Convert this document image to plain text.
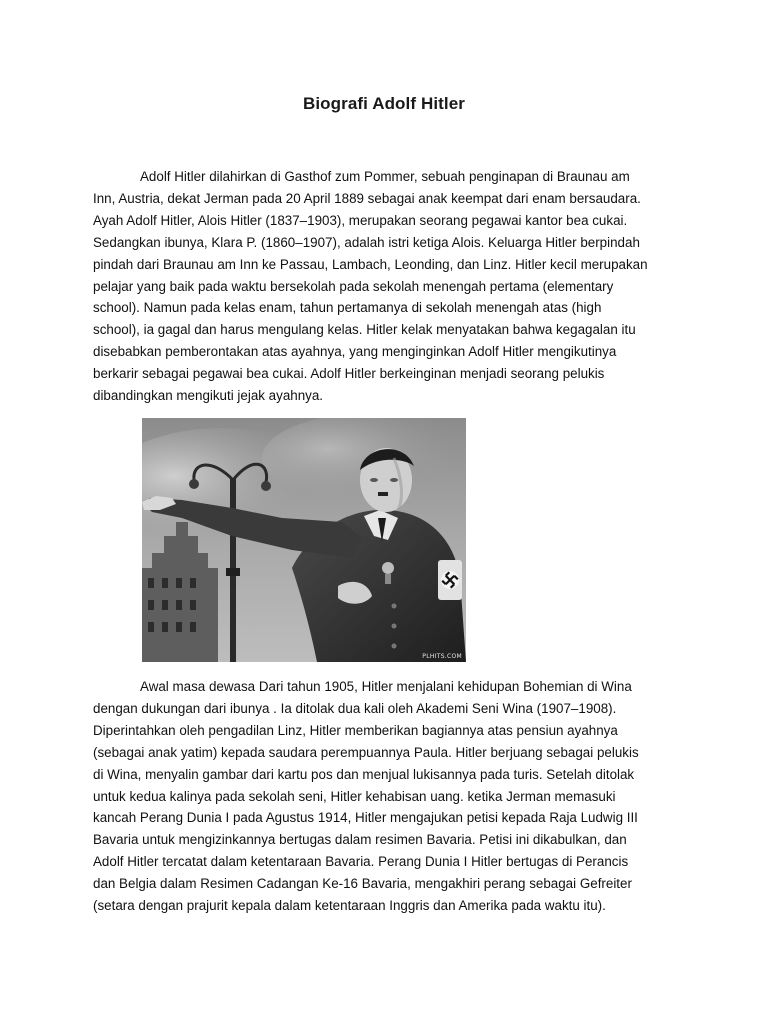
Biografi Adolf Hitler
Adolf Hitler dilahirkan di Gasthof zum Pommer, sebuah penginapan di Braunau am
Inn, Austria, dekat Jerman pada 20 April 1889 sebagai anak keempat dari enam bersaudara.
Ayah Adolf Hitler, Alois Hitler (1837–1903), merupakan seorang pegawai kantor bea cukai.
Sedangkan ibunya, Klara P. (1860–1907), adalah istri ketiga Alois. Keluarga Hitler berpindah
pindah dari Braunau am Inn ke Passau, Lambach, Leonding, dan Linz. Hitler kecil merupakan
pelajar yang baik pada waktu bersekolah pada sekolah menengah pertama (elementary
school). Namun pada kelas enam, tahun pertamanya di sekolah menengah atas (high
school), ia gagal dan harus mengulang kelas. Hitler kelak menyatakan bahwa kegagalan itu
disebabkan pemberontakan atas ayahnya, yang menginginkan Adolf Hitler mengikutinya
berkarir sebagai pegawai bea cukai. Adolf Hitler berkeinginan menjadi seorang pelukis
dibandingkan mengikuti jejak ayahnya.
PLHITS.COM
Awal masa dewasa Dari tahun 1905, Hitler menjalani kehidupan Bohemian di Wina
dengan dukungan dari ibunya . Ia ditolak dua kali oleh Akademi Seni Wina (1907–1908).
Diperintahkan oleh pengadilan Linz, Hitler memberikan bagiannya atas pensiun ayahnya
(sebagai anak yatim) kepada saudara perempuannya Paula. Hitler berjuang sebagai pelukis
di Wina, menyalin gambar dari kartu pos dan menjual lukisannya pada turis. Setelah ditolak
untuk kedua kalinya pada sekolah seni, Hitler kehabisan uang. ketika Jerman memasuki
kancah Perang Dunia I pada Agustus 1914, Hitler mengajukan petisi kepada Raja Ludwig III
Bavaria untuk mengizinkannya bertugas dalam resimen Bavaria. Petisi ini dikabulkan, dan
Adolf Hitler tercatat dalam ketentaraan Bavaria. Perang Dunia I Hitler bertugas di Perancis
dan Belgia dalam Resimen Cadangan Ke-16 Bavaria, mengakhiri perang sebagai Gefreiter
(setara dengan prajurit kepala dalam ketentaraan Inggris dan Amerika pada waktu itu).
